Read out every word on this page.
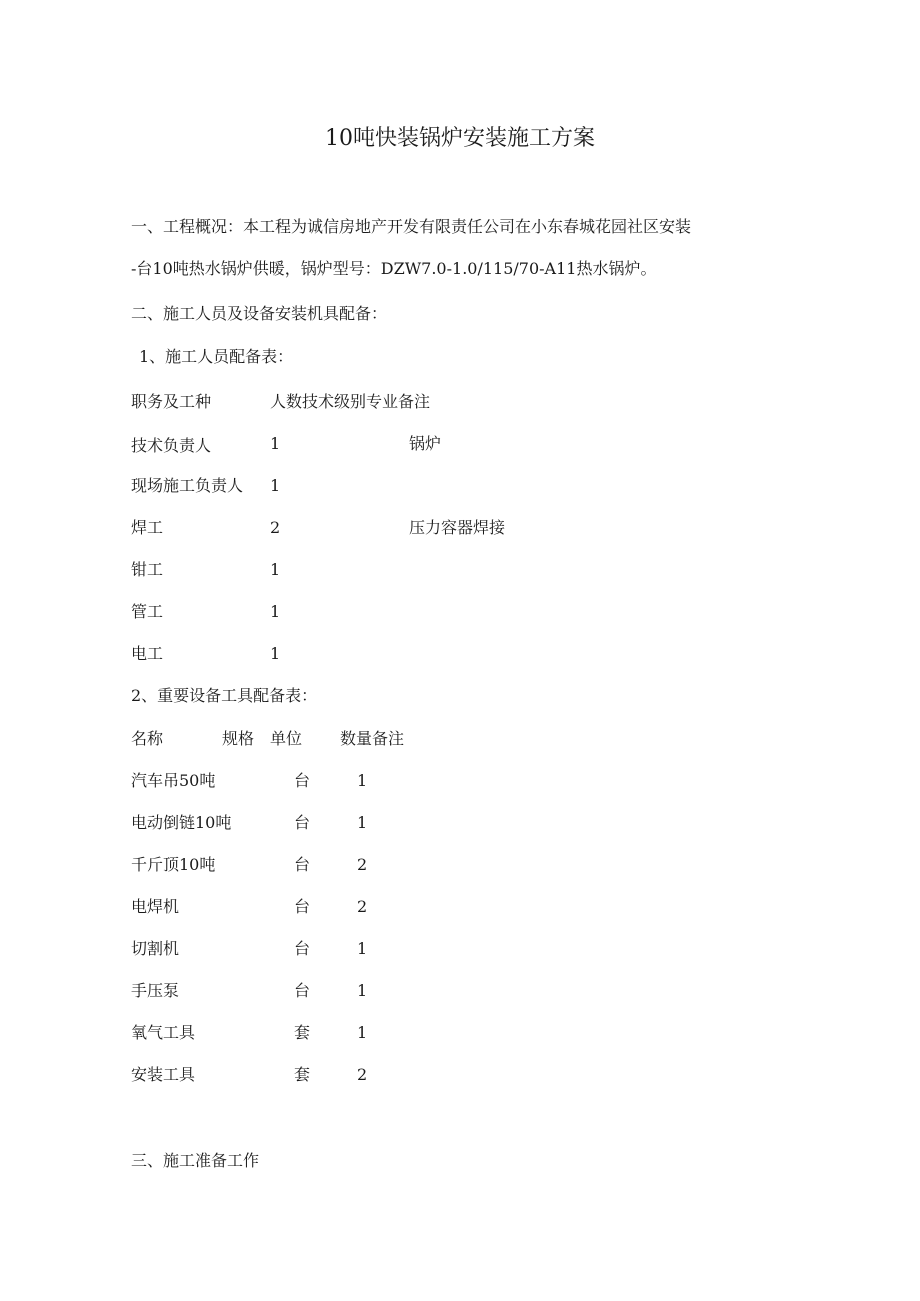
10吨快装锅炉安装施工方案
一、工程概况：本工程为诚信房地产开发有限责任公司在小东春城花园社区安装
-台10吨热水锅炉供暖，锅炉型号：DZW7.0-1.0/115/70-A11热水锅炉。
二、施工人员及设备安装机具配备：
1、施工人员配备表：
职务及工种	人数技术级别专业备注
技术负责人	1	锅炉
现场施工负责人 1
焊工	2	压力容器焊接
钳工	1
管工	1
电工	1
2、重要设备工具配备表：
名称	规格 单位 数量备注
汽车吊50吨	台	1
电动倒链10吨	台	1
千斤顶10吨	台	2
电焊机	台	2
切割机	台	1
手压泵	台	1
氧气工具	套	1
安装工具	套	2
三、施工准备工作
